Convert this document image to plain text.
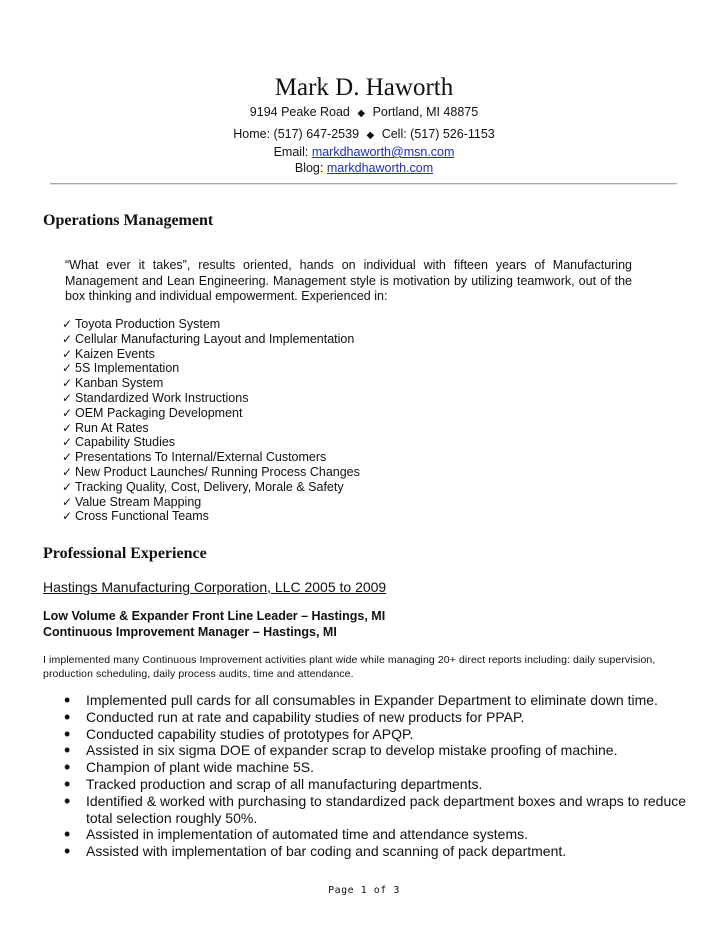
Mark D. Haworth
9194 Peake Road ◆ Portland, MI 48875
Home: (517) 647-2539 ◆ Cell: (517) 526-1153
Email: markdhaworth@msn.com
Blog: markdhaworth.com
Operations Management
“What ever it takes”, results oriented, hands on individual with fifteen years of Manufacturing Management and Lean Engineering. Management style is motivation by utilizing teamwork, out of the box thinking and individual empowerment. Experienced in:
✓ Toyota Production System
✓ Cellular Manufacturing Layout and Implementation
✓ Kaizen Events
✓ 5S Implementation
✓ Kanban System
✓ Standardized Work Instructions
✓ OEM Packaging Development
✓ Run At Rates
✓ Capability Studies
✓ Presentations To Internal/External Customers
✓ New Product Launches/ Running Process Changes
✓ Tracking Quality, Cost, Delivery, Morale & Safety
✓ Value Stream Mapping
✓ Cross Functional Teams
Professional Experience
Hastings Manufacturing Corporation, LLC 2005 to 2009
Low Volume & Expander Front Line Leader – Hastings, MI
Continuous Improvement Manager – Hastings, MI
I implemented many Continuous Improvement activities plant wide while managing 20+ direct reports including: daily supervision, production scheduling, daily process audits, time and attendance.
•	Implemented pull cards for all consumables in Expander Department to eliminate down time.
•	Conducted run at rate and capability studies of new products for PPAP.
•	Conducted capability studies of prototypes for APQP.
•	Assisted in six sigma DOE of expander scrap to develop mistake proofing of machine.
•	Champion of plant wide machine 5S.
•	Tracked production and scrap of all manufacturing departments.
•	Identified & worked with purchasing to standardized pack department boxes and wraps to reduce total selection roughly 50%.
•	Assisted in implementation of automated time and attendance systems.
•	Assisted with implementation of bar coding and scanning of pack department.
Page 1 of 3
